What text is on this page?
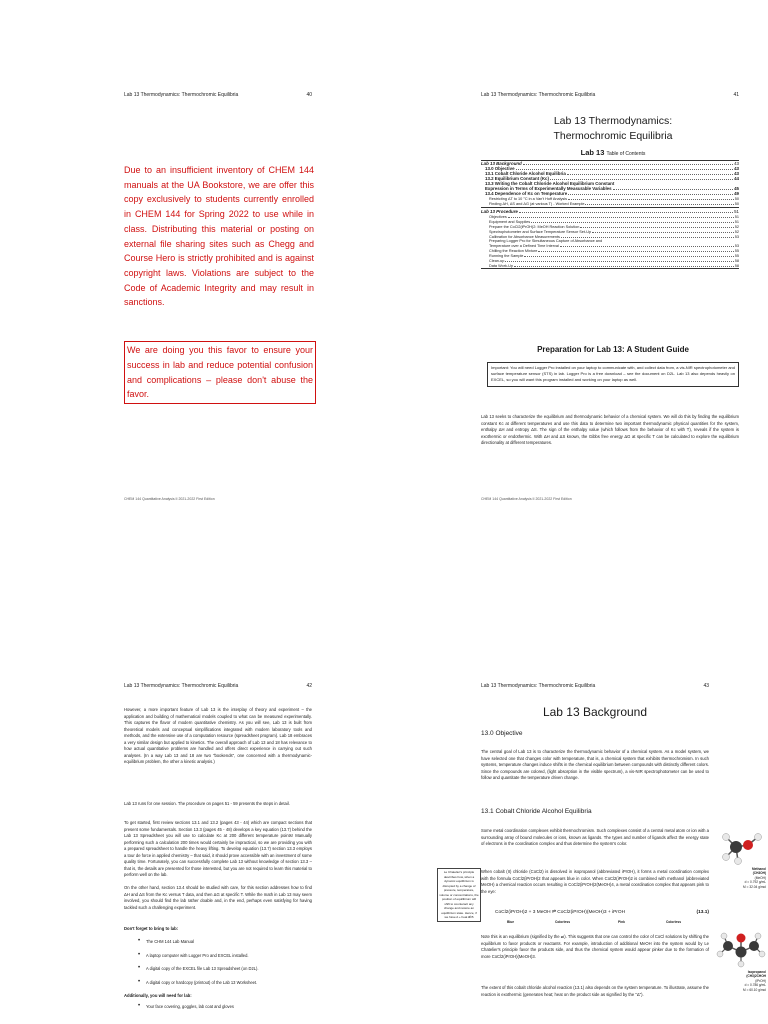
Lab 13 Thermodynamics: Thermochromic Equilibria	40

Due to an insufficient inventory of CHEM 144 manuals at the UA Bookstore, we are offer this copy exclusively to students currently enrolled in CHEM 144 for Spring 2022 to use while in class. Distributing this material or posting on external file sharing sites such as Chegg and Course Hero is strictly prohibited and is against copyright laws. Violations are subject to the Code of Academic Integrity and may result in sanctions.

We are doing you this favor to ensure your success in lab and reduce potential confusion and complications – please don't abuse the favor.
CHEM 144 Quantitative Analysis II 2021-2022 First Edition
Lab 13 Thermodynamics: Thermochromic Equilibria	41
Lab 13 Thermodynamics:
Thermochromic Equilibria
Lab 13 Table of Contents
Lab 13 Background	43
13.0 Objective	43
13.1 Cobalt Chloride Alcohol Equilibria	43
13.2 Equilibrium Constant (Kc)	44
13.3 Writing the Cobalt Chloride Alcohol Equilibrium Constant
Expression in Terms of Experimentally Measurable Variables	45
13.4 Dependence of Kc on Temperature	49
Restricting ΔT to 10 °C in a Van't Hoff Analysis	50
Finding ΔH, ΔS and ΔG (at various T) - Worked Example	50
Lab 13 Procedure	51
Objectives	51
Equipment and Supplies	51
Prepare the CoCl2(iPrOH)2: MeOH Reaction Solution	52
Spectrophotometer and Surface Temperature Sensor Set-Up	52
Calibration for Absorbance Measurements	53
Preparing Logger Pro for Simultaneous Capture of Absorbance and
Temperature over a Defined Time Interval	53
Chilling the Reaction Mixture	55
Running the Sample	55
Clean-up	58
Data Work-Up	58
Preparation for Lab 13: A Student Guide
Important: You will need Logger Pro installed on your laptop to communicate with, and collect data from, a vis-NIR spectrophotometer and surface temperature sensor (STS) in lab. Logger Pro is a free download – see the document on D2L. Lab 13 also depends heavily on EXCEL, so you will want this program installed and working on your laptop as well.

Lab 13 seeks to characterize the equilibrium and thermodynamic behavior of a chemical system. We will do this by finding the equilibrium constant Kc at different temperatures and use this data to determine two important thermodynamic physical quantities for the system, enthalpy ΔH and entropy ΔS. The sign of the enthalpy value (which follows from the behavior of Kc with T), reveals if the system is exothermic or endothermic. With ΔH and ΔS known, the Gibbs free energy ΔG at specific T can be calculated to explore the equilibrium directionality at different temperatures.

CHEM 144 Quantitative Analysis II 2021-2022 First Edition
Lab 13 Thermodynamics: Thermochromic Equilibria	42

However, a more important feature of Lab 13 is the interplay of theory and experiment – the application and building of mathematical models coupled to what can be measured experimentally. This captures the flavor of modern quantitative chemistry. As you will see, Lab 13 is built from theoretical models and conceptual simplifications integrated with modern laboratory tools and methods, and the extensive use of a computation resource (spreadsheet program). Lab 18 embraces a very similar design but applied to kinetics. The overall approach of Lab 13 and 18 has relevance to how actual quantitative problems are handled and offers direct experience in carrying out such analyses. (In a way Lab 13 and 18 are two "bookends", one concerned with a thermodynamic-equilibrium problem, the other a kinetic analysis.)

Lab 13 runs for one session. The procedure on pages 51 - 59 presents the steps in detail.

To get started, first review sections 13.1 and 13.2 (pages 43 - 44) which are compact sections that present some fundamentals. Section 13.3 (pages 45 - 48) develops a key equation (13.7) behind the Lab 13 Spreadsheet you will use to calculate Kc at 200 different temperature points! Manually performing such a calculation 200 times would certainly be impractical, so we are providing you with a prepared spreadsheet to handle the heavy lifting. To develop equation (13.7) section 13.3 employs a tour de force in applied chemistry – that said, it should prove accessible with an investment of some quality time. Fortunately, you can successfully complete Lab 13 without knowledge of section 13.3 – that is, the details are presented for those interested, but you are not required to learn this material to perform well on the lab.

On the other hand, section 13.4 should be studied with care, for this section addresses how to find ΔH and ΔS from the Kc versus T data, and then ΔG at specific T. While the math in Lab 13 may seem involved, you should find the lab rather doable and, in the end, perhaps even satisfying for having tackled such a challenging experiment.

Don't forget to bring to lab:
• The CHM 144 Lab Manual
• A laptop computer with Logger Pro and EXCEL installed.
• A digital copy of the EXCEL file Lab 13 Spreadsheet (on D2L).
• A digital copy or hardcopy (printout) of the Lab 13 Worksheet.
Additionally, you will need for lab:
• Your face covering, goggles, lab coat and gloves
Lab 13 Thermodynamics: Thermochromic Equilibria	43
Lab 13 Background
13.0 Objective

The central goal of Lab 13 is to characterize the thermodynamic behavior of a chemical system. As a model system, we have selected one that changes color with temperature, that is, a chemical system that exhibits thermochromism. In such systems, temperature changes induce shifts in the chemical equilibrium between compounds with distinctly different colors. Since the compounds are colored, (light absorption in the visible spectrum), a vis-NIR spectrophotometer can be used to follow and quantitate the temperature driven change.

13.1 Cobalt Chloride Alcohol Equilibria

Some metal coordination complexes exhibit thermochromism. Such complexes consist of a central metal atom or ion with a surrounding array of bound molecules or ions, known as ligands. The types and number of ligands affect the energy state of electrons in the coordination complex and thus determine the system's color.

When cobalt (II) chloride (CoCl2) is dissolved in isopropanol (abbreviated iPrOH), it forms a metal coordination complex with the formula CoCl2(iPrOH)2 that appears blue in color. When CoCl2(iPrOH)2 is combined with methanol (abbreviated MeOH) a chemical reaction occurs resulting in CoCl2(iPrOH)2(MeOH)4, a metal coordination complex that appears pink to the eye:

CoCl2(iPrOH)2 + 3 MeOH ⇌ CoCl2(iPrOH)(MeOH)3 + iPrOH	(13.1)
Blue	Colorless	Pink	Colorless

Note this is an equilibrium (signified by the ⇌). This suggests that one can control the color of CoCl solutions by shifting the equilibrium to favor products or reactants. For example, introduction of additional MeOH into the system would by Le Chatelier's principle favor the products side, and thus the chemical system would appear pinker due to the formation of more CoCl2(iPrOH)(MeOH)3.

The extent of this cobalt chloride alcohol reaction (13.1) also depends on the system temperature. To illustrate, assume the reaction is exothermic (generates heat; heat on the product side as signified by the "Δ").

Le Chatelier's principle describes how, when a dynamic equilibrium is disrupted by a change of pressure, temperature, volume or concentrations, the position of equilibrium will shift to counteract any change and restore an equilibrium state. Hence, if we have A + heat ⇌ B
Methanol
(CH3OH)
(MeOH)
d = 0.792 g/mL
M = 32.04 g/mol
Isopropanol
(CH3)2CHOH
(iPrOH)
d = 0.786 g/mL
M = 60.10 g/mol
